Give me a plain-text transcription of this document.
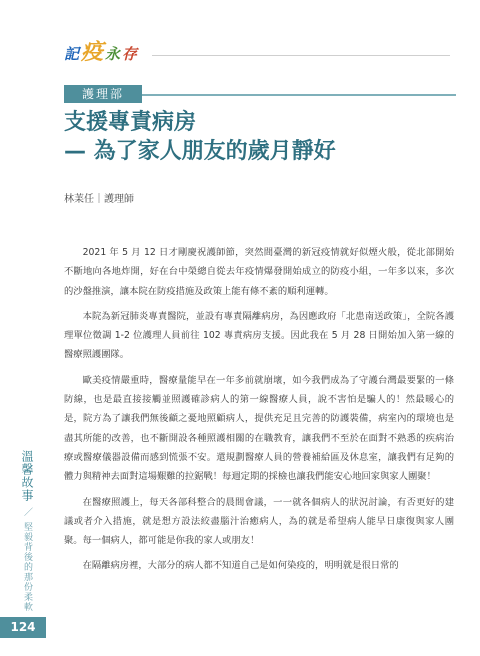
記 疫 永 存
護理部
支援專責病房
— 為了家人朋友的歲月靜好
林䒹任｜護理師

2021 年 5 月 12 日才剛慶祝護師節，突然間臺灣的新冠疫情就好似煙火般，從北部開始不斷地向各地炸開，好在台中榮總自從去年疫情爆發開始成立的防疫小組，一年多以來，多次的沙盤推演，讓本院在防疫措施及政策上能有條不紊的順利運轉。

本院為新冠肺炎專責醫院，並設有專責隔離病房，為因應政府「北患南送政策」，全院各護理單位徵調 1-2 位護理人員前往 102 專責病房支援。因此我在 5 月 28 日開始加入第一線的醫療照護團隊。

歐美疫情嚴重時，醫療量能早在一年多前就崩壞，如今我們成為了守護台灣最要緊的一條防線，也是最直接接觸並照護確診病人的第一線醫療人員，說不害怕是騙人的！然最暖心的是，院方為了讓我們無後顧之憂地照顧病人，提供充足且完善的防護裝備，病室內的環境也是盡其所能的改善，也不斷開設各種照護相關的在職教育，讓我們不至於在面對不熟悉的疾病治療或醫療儀器設備而感到慌張不安。還規劃醫療人員的營養補給區及休息室，讓我們有足夠的體力與精神去面對這場艱難的拉鋸戰！每週定期的採檢也讓我們能安心地回家與家人團聚！

在醫療照護上，每天各部科整合的晨間會議，一一就各個病人的狀況討論，有否更好的建議或者介入措施，就是想方設法絞盡腦汁治癒病人，為的就是希望病人能早日康復與家人團聚。每一個病人，都可能是你我的家人或朋友！

在隔離病房裡，大部分的病人都不知道自己是如何染疫的，明明就是很日常的

溫馨故事 ／ 堅毅背後的那份柔軟
124
